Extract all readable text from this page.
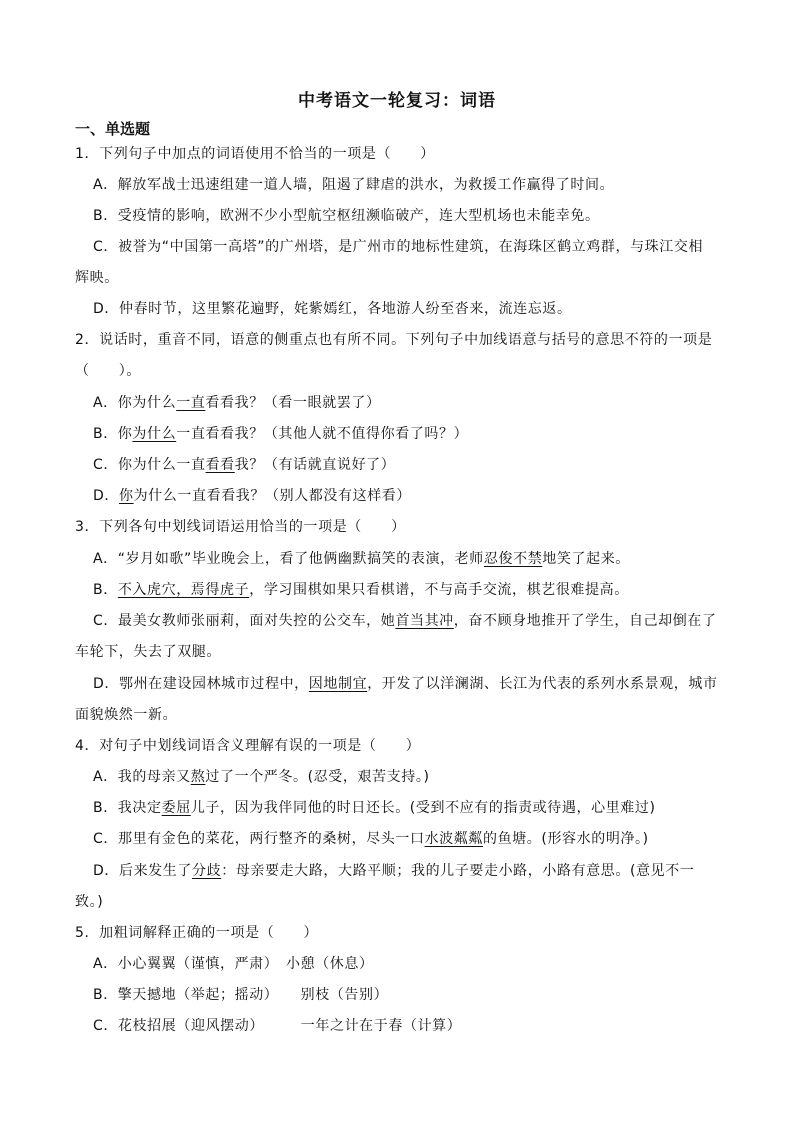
中考语文一轮复习：词语
一、单选题
1．下列句子中加点的词语使用不恰当的一项是（　　）
A．解放军战士迅速组建一道人墙，阻遏了肆虐的洪水，为救援工作赢得了时间。
B．受疫情的影响，欧洲不少小型航空枢纽濒临破产，连大型机场也未能幸免。
C．被誉为“中国第一高塔”的广州塔，是广州市的地标性建筑，在海珠区鹤立鸡群，与珠江交相
辉映。
D．仲春时节，这里繁花遍野，姹紫嫣红，各地游人纷至沓来，流连忘返。
2．说话时，重音不同，语意的侧重点也有所不同。下列句子中加线语意与括号的意思不符的一项是
（　　）。
A．你为什么一直看看我？（看一眼就罢了）
B．你为什么一直看看我？（其他人就不值得你看了吗？）
C．你为什么一直看看我？（有话就直说好了）
D．你为什么一直看看我？（别人都没有这样看）
3．下列各句中划线词语运用恰当的一项是（　　）
A．“岁月如歌”毕业晚会上，看了他俩幽默搞笑的表演，老师忍俊不禁地笑了起来。
B．不入虎穴，焉得虎子，学习围棋如果只看棋谱，不与高手交流，棋艺很难提高。
C．最美女教师张丽莉，面对失控的公交车，她首当其冲，奋不顾身地推开了学生，自己却倒在了
车轮下，失去了双腿。
D．鄂州在建设园林城市过程中，因地制宜，开发了以洋澜湖、长江为代表的系列水系景观，城市
面貌焕然一新。
4．对句子中划线词语含义理解有误的一项是（　　）
A．我的母亲又熬过了一个严冬。(忍受，艰苦支持。)
B．我决定委屈儿子，因为我伴同他的时日还长。(受到不应有的指责或待遇，心里难过)
C．那里有金色的菜花，两行整齐的桑树，尽头一口水波粼粼的鱼塘。(形容水的明净。)
D．后来发生了分歧：母亲要走大路，大路平顺；我的儿子要走小路，小路有意思。(意见不一
致。)
5．加粗词解释正确的一项是（　　）
A．小心翼翼（谨慎，严肃）　小憩（休息）
B．擎天撼地（举起；摇动）　　别枝（告别）
C．花枝招展（迎风摆动）　　　一年之计在于春（计算）
